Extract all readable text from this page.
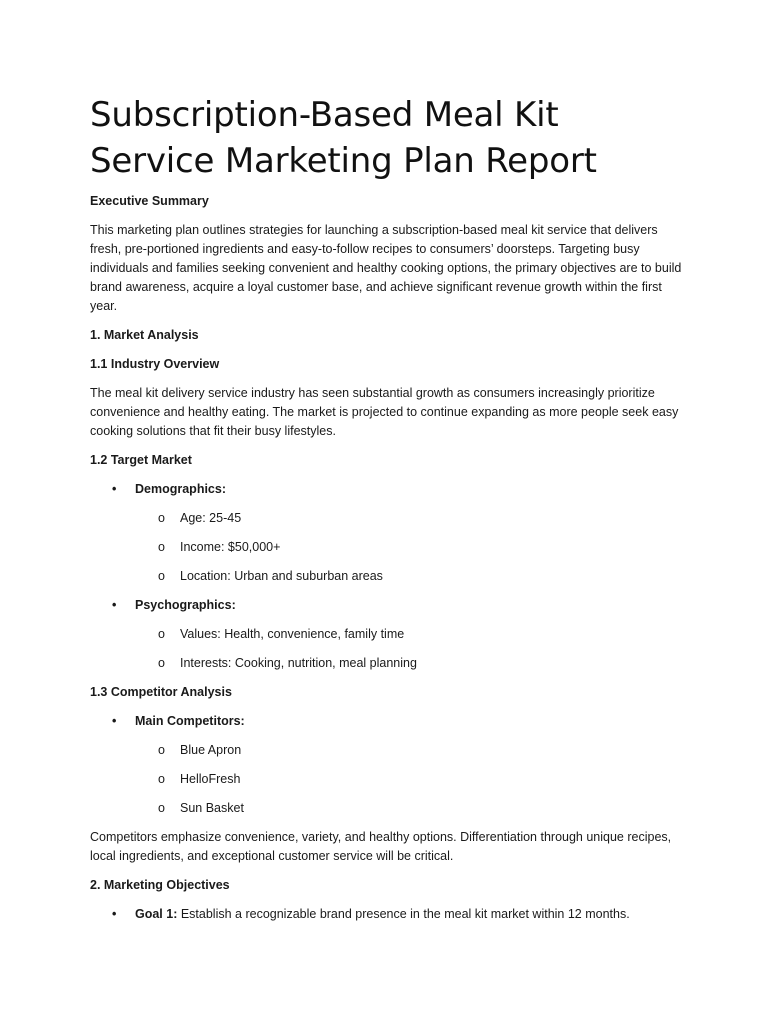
Subscription-Based Meal Kit Service Marketing Plan Report
Executive Summary
This marketing plan outlines strategies for launching a subscription-based meal kit service that delivers fresh, pre-portioned ingredients and easy-to-follow recipes to consumers’ doorsteps. Targeting busy individuals and families seeking convenient and healthy cooking options, the primary objectives are to build brand awareness, acquire a loyal customer base, and achieve significant revenue growth within the first year.
1. Market Analysis
1.1 Industry Overview
The meal kit delivery service industry has seen substantial growth as consumers increasingly prioritize convenience and healthy eating. The market is projected to continue expanding as more people seek easy cooking solutions that fit their busy lifestyles.
1.2 Target Market
• Demographics:
o Age: 25-45
o Income: $50,000+
o Location: Urban and suburban areas
• Psychographics:
o Values: Health, convenience, family time
o Interests: Cooking, nutrition, meal planning
1.3 Competitor Analysis
• Main Competitors:
o Blue Apron
o HelloFresh
o Sun Basket
Competitors emphasize convenience, variety, and healthy options. Differentiation through unique recipes, local ingredients, and exceptional customer service will be critical.
2. Marketing Objectives
• Goal 1: Establish a recognizable brand presence in the meal kit market within 12 months.
